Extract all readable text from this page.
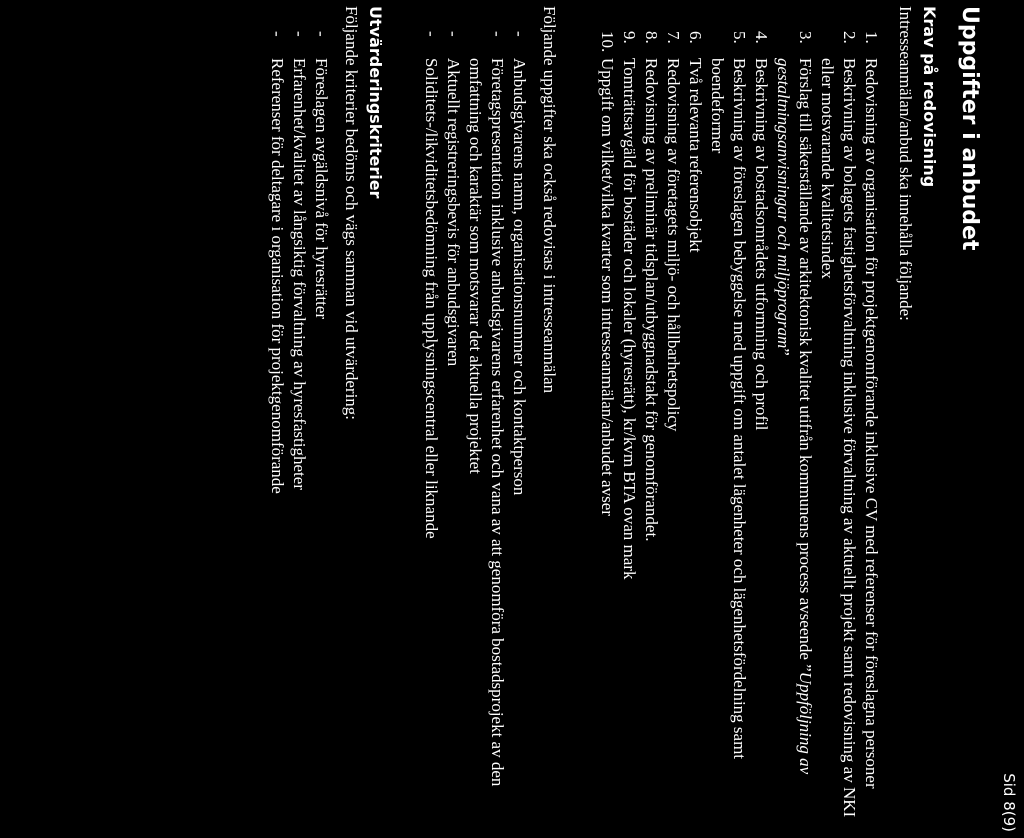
Sid 8(9)
Uppgifter i anbudet
Krav på redovisning

Intresseanmälan/anbud ska innehålla följande:

1.
Redovisning av organisation för projektgenomförande inklusive CV med referenser för föreslagna personer
2.
Beskrivning av bolagets fastighetsförvaltning inklusive förvaltning av aktuellt projekt samt redovisning av NKI eller motsvarande kvalitetsindex
3.
Förslag till säkerställande av arkitektonisk kvalitet utifrån kommunens process avseende ”Uppföljning av gestaltningsanvisningar och miljöprogram”
4.
Beskrivning av bostadsområdets utformning och profil
5.
Beskrivning av föreslagen bebyggelse med uppgift om antalet lägenheter och lägenhetsfördelning samt boendeformer
6.
Två relevanta referensobjekt
7.
Redovisning av företagets miljö- och hållbarhetspolicy
8.
Redovisning av preliminär tidsplan/utbyggnadstakt för genomförandet.
9.
Tomträttsavgäld för bostäder och lokaler (hyresrätt), kr/kvm BTA ovan mark
10.
Uppgift om vilket/vilka kvarter som intresseanmälan/anbudet avser

Följande uppgifter ska också redovisas i intresseanmälan

-
Anbudsgivarens namn, organisationsnummer och kontaktperson
-
Företagspresentation inklusive anbudsgivarens erfarenhet och vana av att genomföra bostadsprojekt av den omfattning och karaktär som motsvarar det aktuella projektet
-
Aktuellt registreringsbevis för anbudsgivaren
-
Soliditets-/likviditetsbedömning från upplysningscentral eller liknande
Utvärderingskriterier

Följande kriterier bedöms och vägs samman vid utvärdering:

-
Föreslagen avgäldsnivå för hyresrätter
-
Erfarenhet/kvalitet av långsiktig förvaltning av hyresfastigheter
-
Referenser för deltagare i organisation för projektgenomförande
